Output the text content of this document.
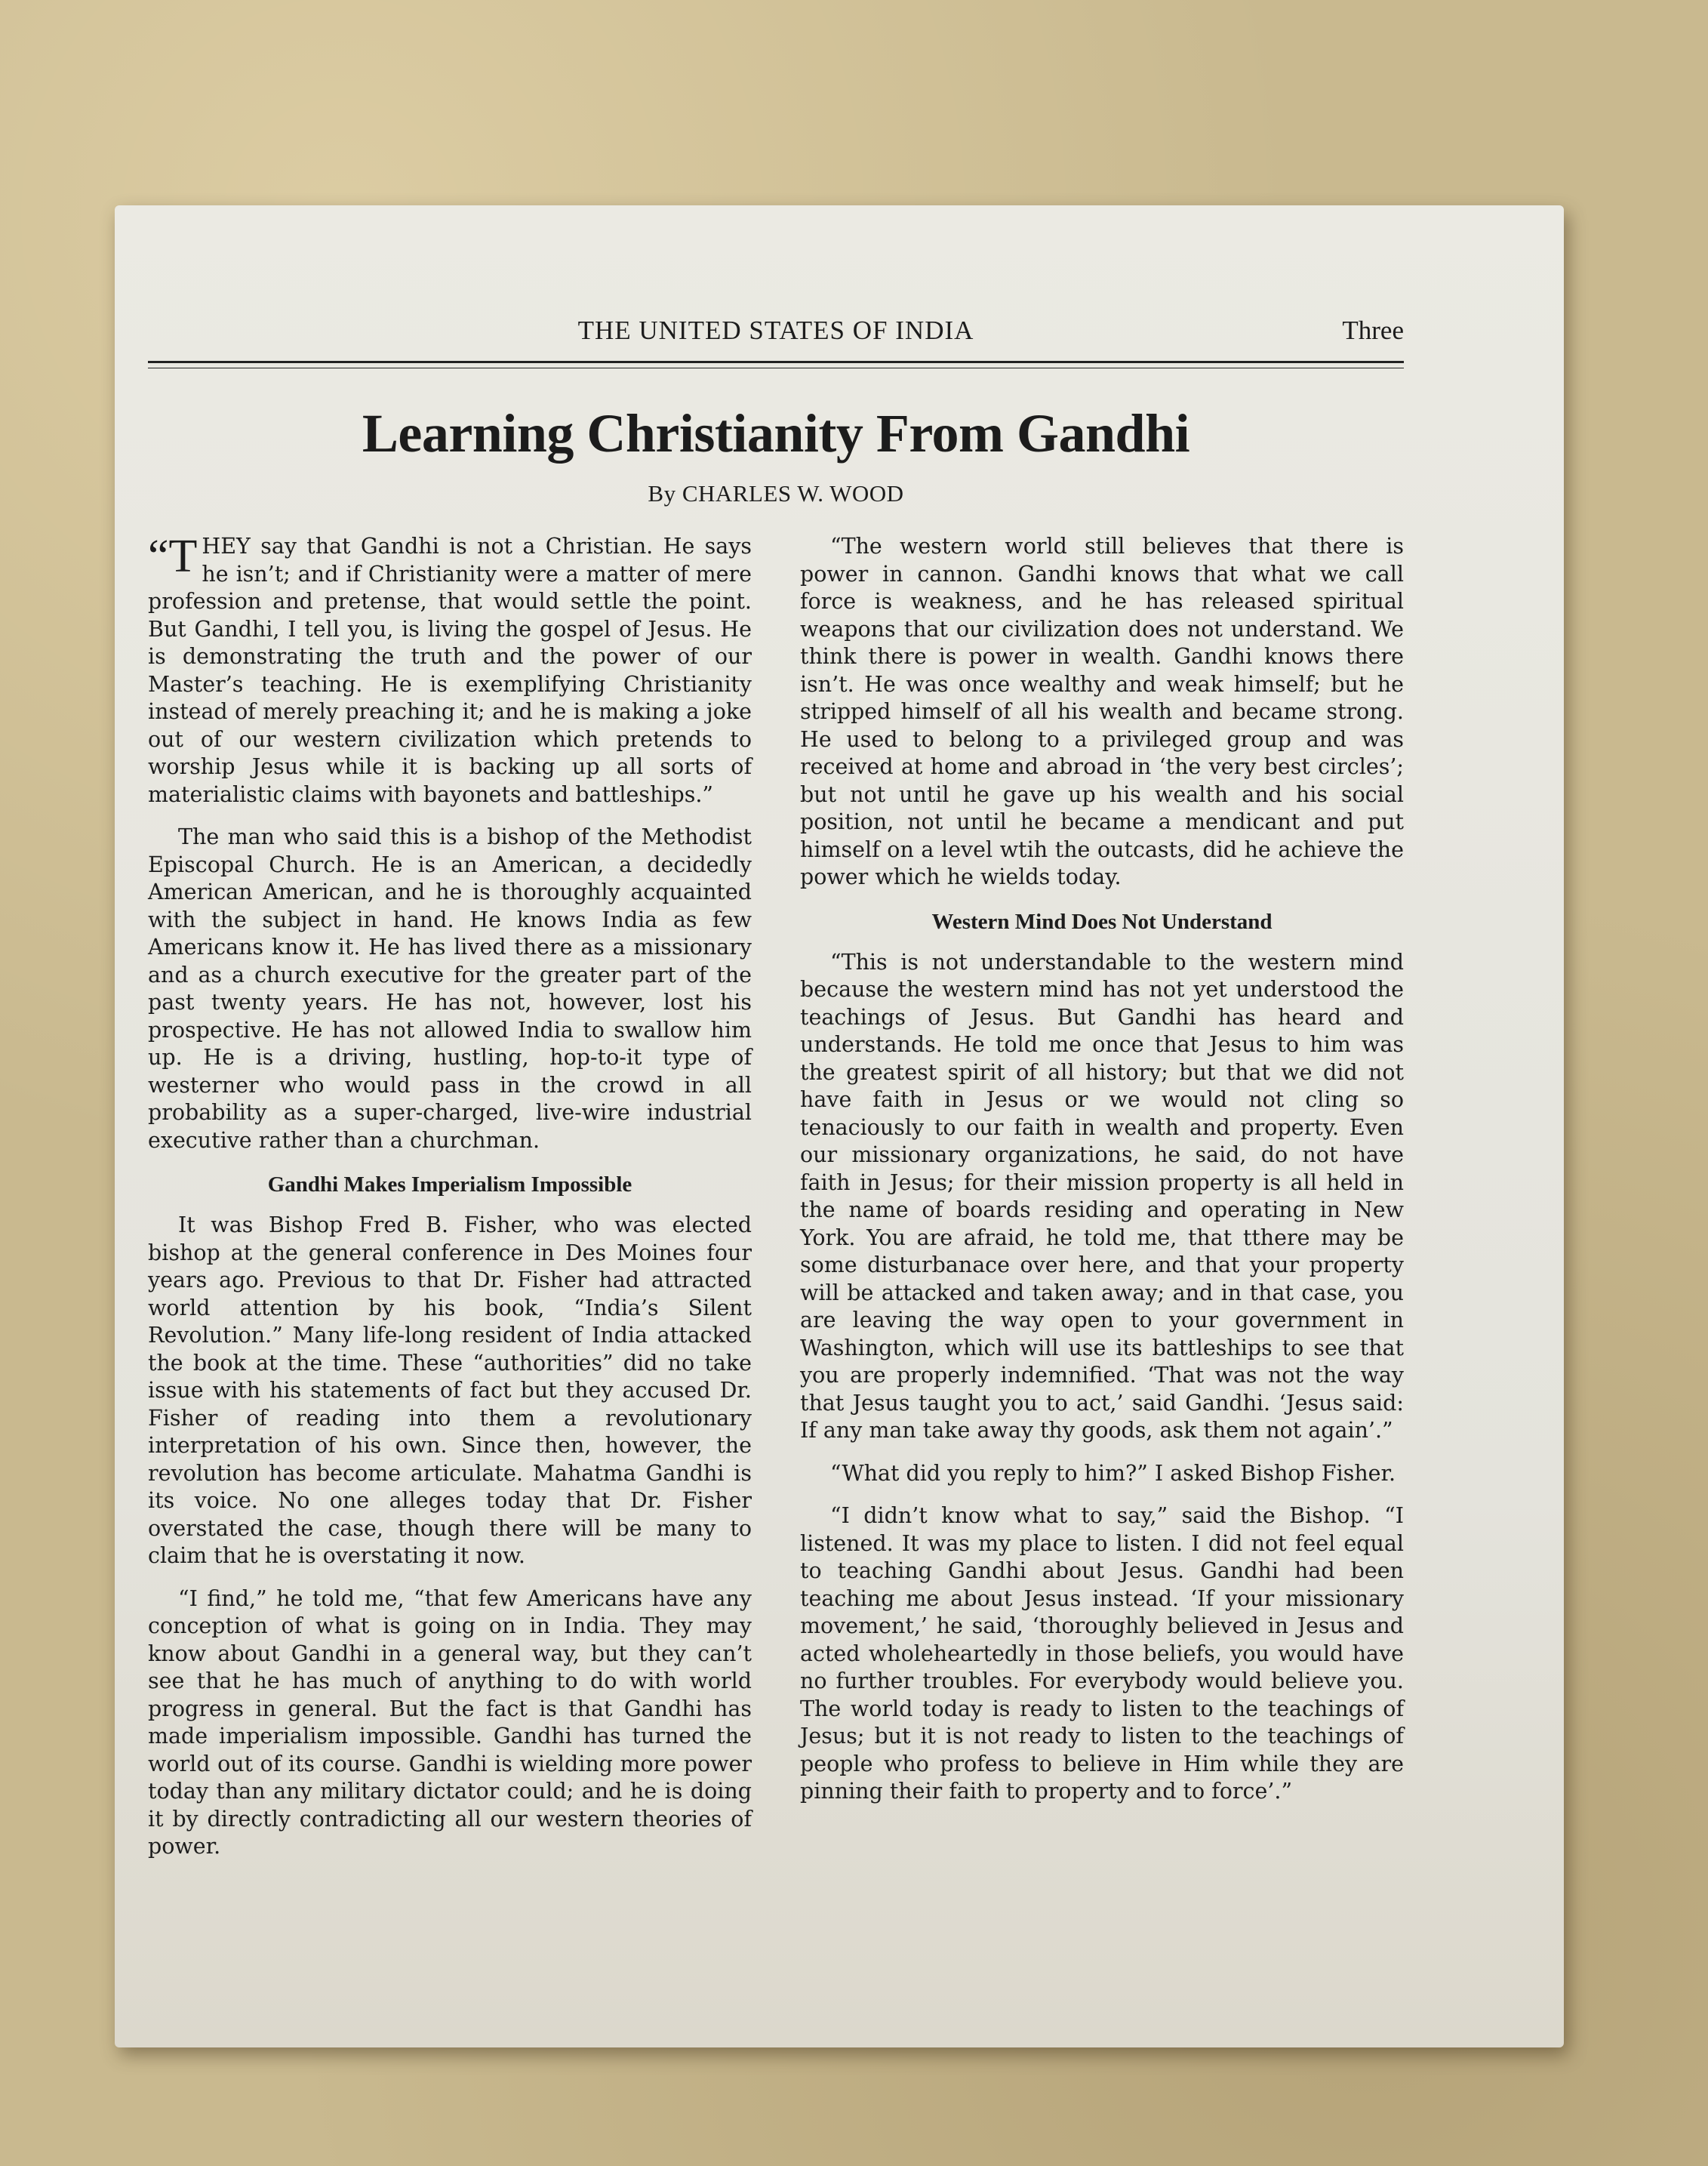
THE UNITED STATES OF INDIA	Three
Learning Christianity From Gandhi
By CHARLES W. WOOD

“THEY say that Gandhi is not a Christian. He says he isn’t; and if Christianity were a matter of mere profession and pretense, that would settle the point. But Gandhi, I tell you, is living the gospel of Jesus. He is demonstrating the truth and the power of our Master’s teaching. He is exemplifying Christianity instead of merely preaching it; and he is making a joke out of our western civilization which pretends to worship Jesus while it is backing up all sorts of materialistic claims with bayonets and battleships.”

The man who said this is a bishop of the Methodist Episcopal Church. He is an American, a decidedly American American, and he is thoroughly acquainted with the subject in hand. He knows India as few Americans know it. He has lived there as a missionary and as a church executive for the greater part of the past twenty years. He has not, however, lost his prospective. He has not allowed India to swallow him up. He is a driving, hustling, hop-to-it type of westerner who would pass in the crowd in all probability as a super-charged, live-wire industrial executive rather than a churchman.

Gandhi Makes Imperialism Impossible

It was Bishop Fred B. Fisher, who was elected bishop at the general conference in Des Moines four years ago. Previous to that Dr. Fisher had attracted world attention by his book, “India’s Silent Revolution.” Many life-long resident of India attacked the book at the time. These “authorities” did no take issue with his statements of fact but they accused Dr. Fisher of reading into them a revolutionary interpretation of his own. Since then, however, the revolution has become articulate. Mahatma Gandhi is its voice. No one alleges today that Dr. Fisher overstated the case, though there will be many to claim that he is overstating it now.

“I find,” he told me, “that few Americans have any conception of what is going on in India. They may know about Gandhi in a general way, but they can’t see that he has much of anything to do with world progress in general. But the fact is that Gandhi has made imperialism impossible. Gandhi has turned the world out of its course. Gandhi is wielding more power today than any military dictator could; and he is doing it by directly contradicting all our western theories of power.

“The western world still believes that there is power in cannon. Gandhi knows that what we call force is weakness, and he has released spiritual weapons that our civilization does not understand. We think there is power in wealth. Gandhi knows there isn’t. He was once wealthy and weak himself; but he stripped himself of all his wealth and became strong. He used to belong to a privileged group and was received at home and abroad in ‘the very best circles’; but not until he gave up his wealth and his social position, not until he became a mendicant and put himself on a level wtih the outcasts, did he achieve the power which he wields today.

Western Mind Does Not Understand

“This is not understandable to the western mind because the western mind has not yet understood the teachings of Jesus. But Gandhi has heard and understands. He told me once that Jesus to him was the greatest spirit of all history; but that we did not have faith in Jesus or we would not cling so tenaciously to our faith in wealth and property. Even our missionary organizations, he said, do not have faith in Jesus; for their mission property is all held in the name of boards residing and operating in New York. You are afraid, he told me, that tthere may be some disturbanace over here, and that your property will be attacked and taken away; and in that case, you are leaving the way open to your government in Washington, which will use its battleships to see that you are properly indemnified. ‘That was not the way that Jesus taught you to act,’ said Gandhi. ‘Jesus said: If any man take away thy goods, ask them not again’.”

“What did you reply to him?” I asked Bishop Fisher.

“I didn’t know what to say,” said the Bishop. “I listened. It was my place to listen. I did not feel equal to teaching Gandhi about Jesus. Gandhi had been teaching me about Jesus instead. ‘If your missionary movement,’ he said, ‘thoroughly believed in Jesus and acted wholeheartedly in those beliefs, you would have no further troubles. For everybody would believe you. The world today is ready to listen to the teachings of Jesus; but it is not ready to listen to the teachings of people who profess to believe in Him while they are pinning their faith to property and to force’.”
